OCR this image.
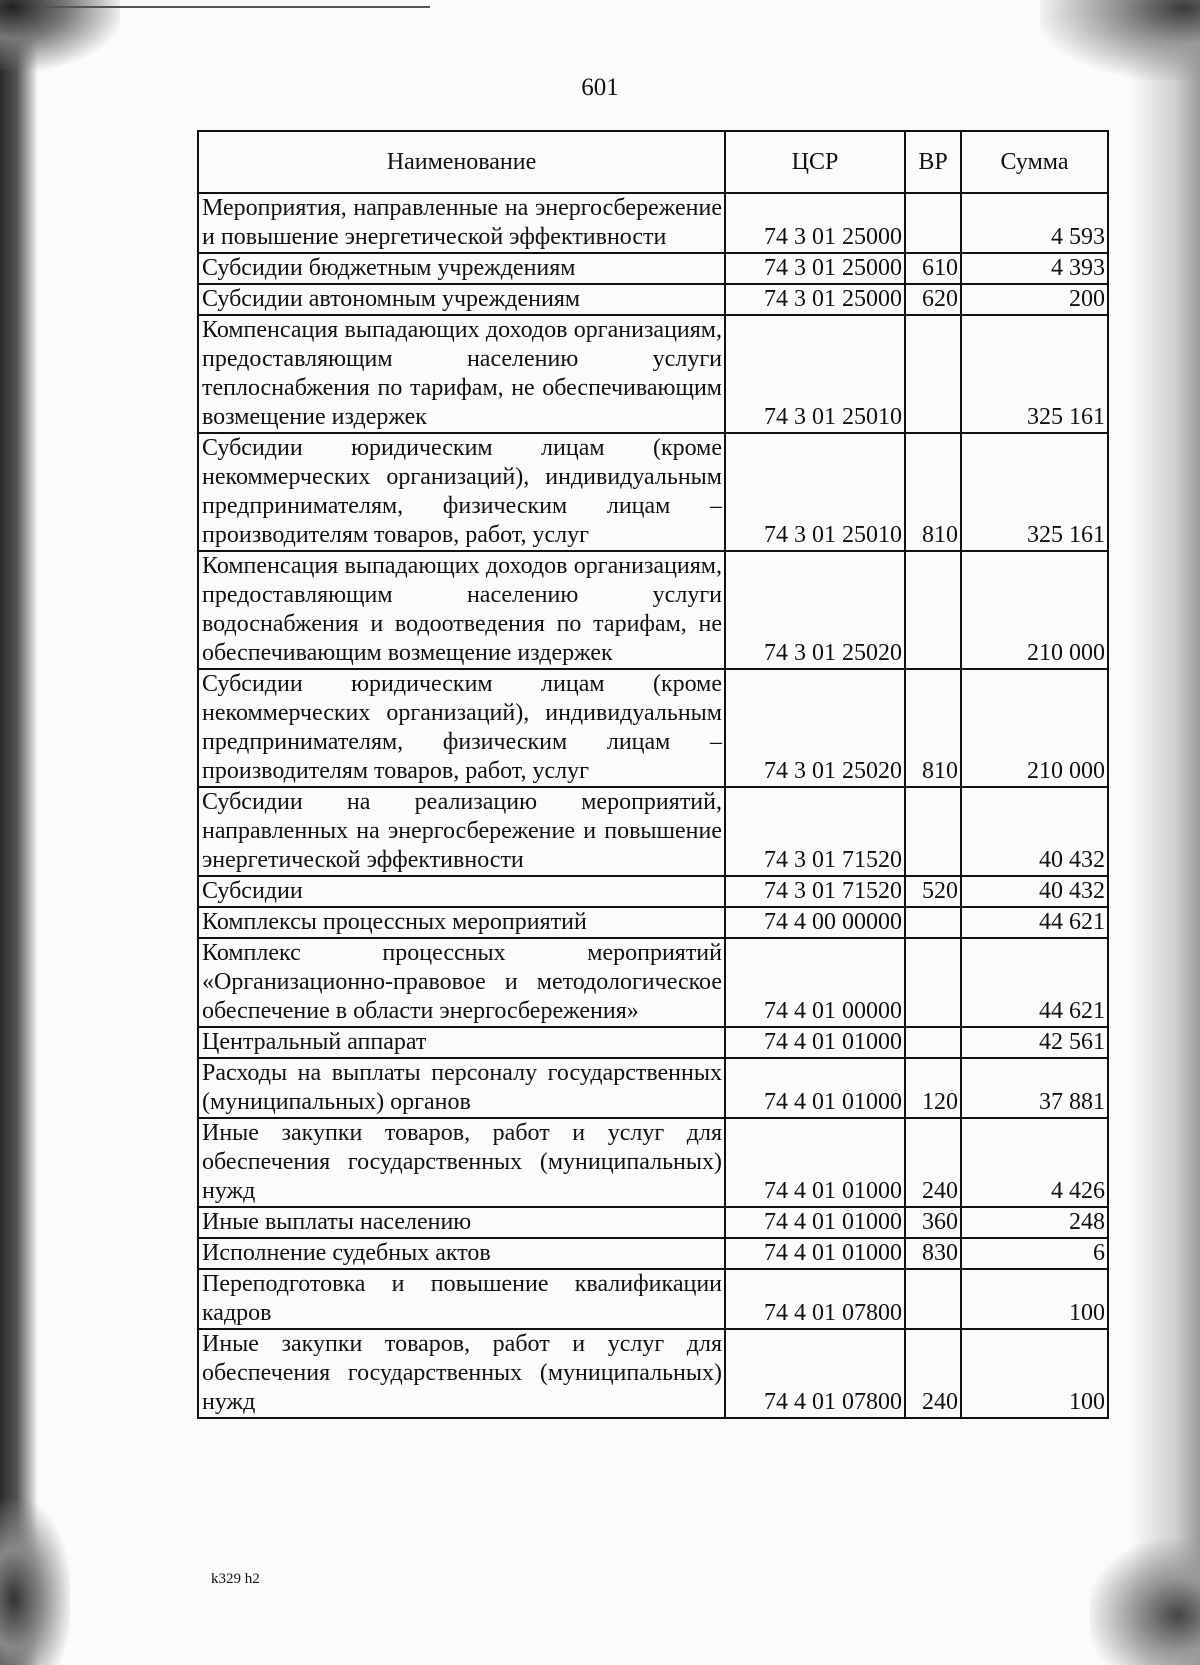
601
Наименование	ЦСР	ВР	Сумма
Мероприятия, направленные на энергосбережение и повышение энергетической эффективности	74 3 01 25000		4 593
Субсидии бюджетным учреждениям	74 3 01 25000	610	4 393
Субсидии автономным учреждениям	74 3 01 25000	620	200
Компенсация выпадающих доходов организациям, предоставляющим населению услуги теплоснабжения по тарифам, не обеспечивающим возмещение издержек	74 3 01 25010		325 161
Субсидии юридическим лицам (кроме некоммерческих организаций), индивидуальным предпринимателям, физическим лицам – производителям товаров, работ, услуг	74 3 01 25010	810	325 161
Компенсация выпадающих доходов организациям, предоставляющим населению услуги водоснабжения и водоотведения по тарифам, не обеспечивающим возмещение издержек	74 3 01 25020		210 000
Субсидии юридическим лицам (кроме некоммерческих организаций), индивидуальным предпринимателям, физическим лицам – производителям товаров, работ, услуг	74 3 01 25020	810	210 000
Субсидии на реализацию мероприятий, направленных на энергосбережение и повышение энергетической эффективности	74 3 01 71520		40 432
Субсидии	74 3 01 71520	520	40 432
Комплексы процессных мероприятий	74 4 00 00000		44 621
Комплекс процессных мероприятий «Организационно-правовое и методологическое обеспечение в области энергосбережения»	74 4 01 00000		44 621
Центральный аппарат	74 4 01 01000		42 561
Расходы на выплаты персоналу государственных (муниципальных) органов	74 4 01 01000	120	37 881
Иные закупки товаров, работ и услуг для обеспечения государственных (муниципальных) нужд	74 4 01 01000	240	4 426
Иные выплаты населению	74 4 01 01000	360	248
Исполнение судебных актов	74 4 01 01000	830	6
Переподготовка и повышение квалификации кадров	74 4 01 07800		100
Иные закупки товаров, работ и услуг для обеспечения государственных (муниципальных) нужд	74 4 01 07800	240	100

k329 h2
